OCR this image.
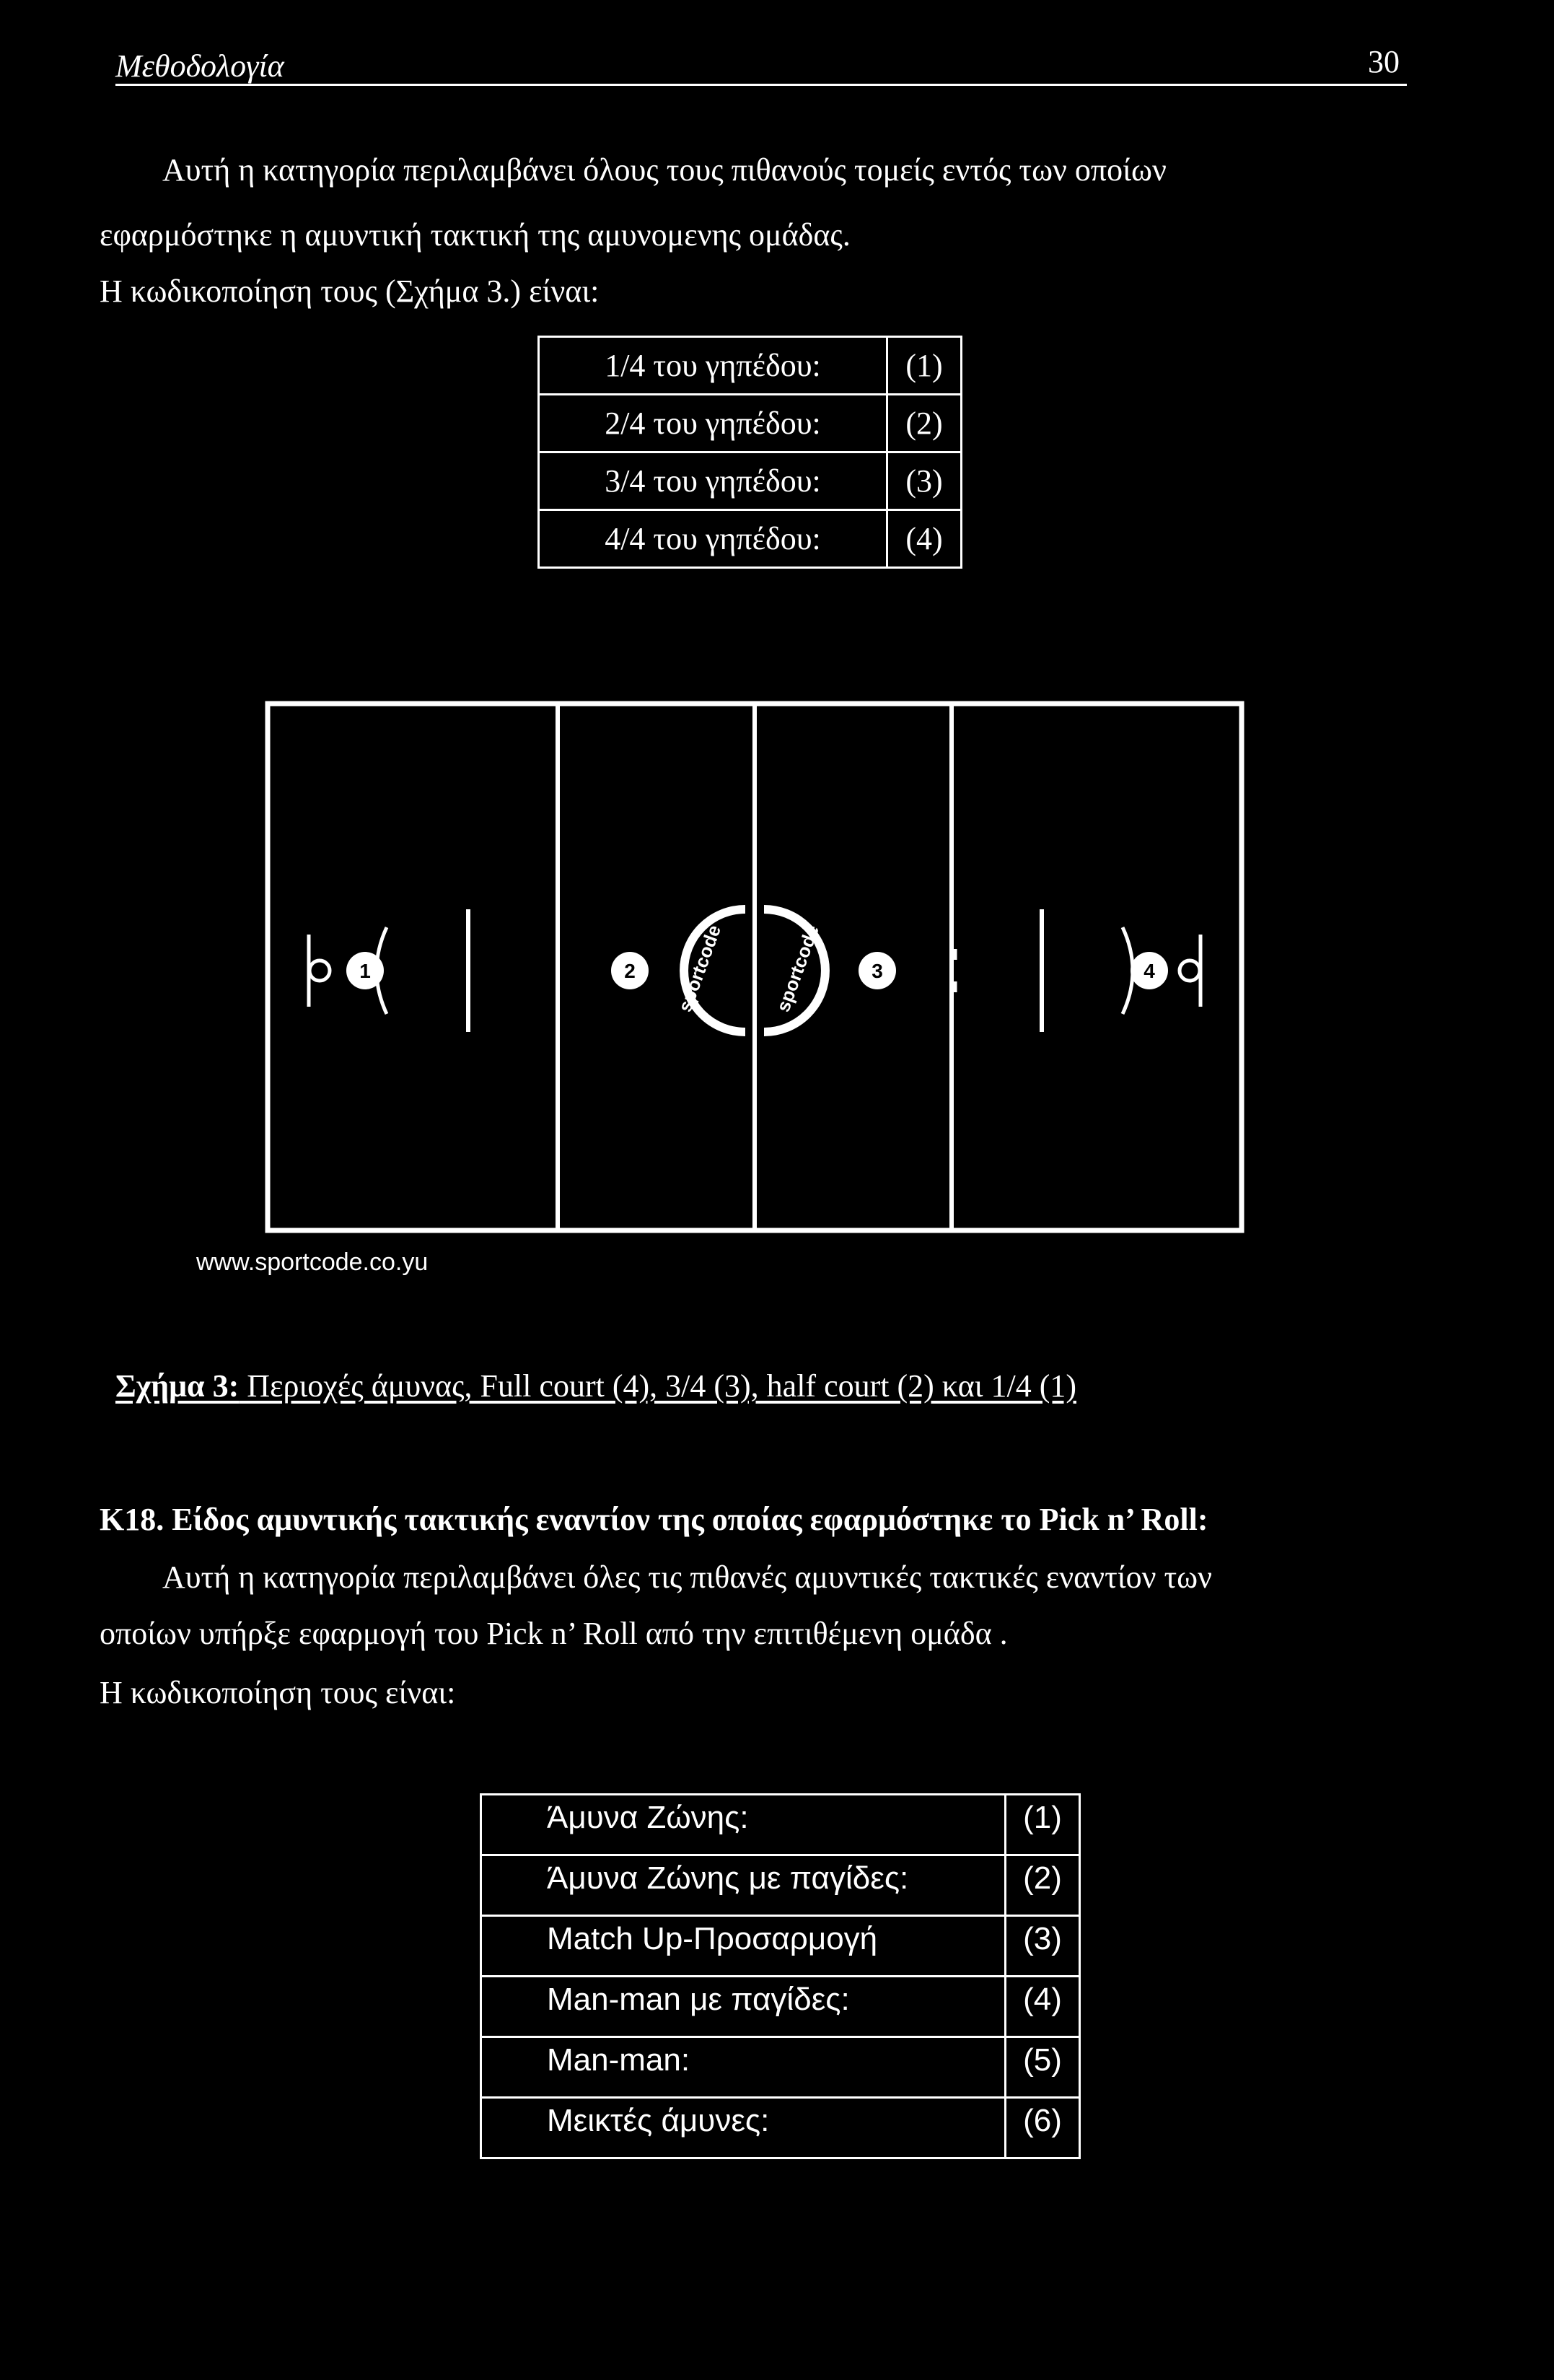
Μεθοδολογία	30
Αυτή η κατηγορία περιλαμβάνει όλους τους πιθανούς τομείς εντός των οποίων
εφαρμόστηκε η αμυντική τακτική της αμυνομενης ομάδας.
Η κωδικοποίηση τους (Σχήμα 3.) είναι:
1/4 του γηπέδου:	(1)
2/4 του γηπέδου:	(2)
3/4 του γηπέδου:	(3)
4/4 του γηπέδου:	(4)
sportcode sportcode
1	2	3	4
www.sportcode.co.yu
Σχήμα 3: Περιοχές άμυνας, Full court (4), 3/4 (3), half court (2) και 1/4 (1)
Κ18. Είδος αμυντικής τακτικής εναντίον της οποίας εφαρμόστηκε το Pick n’ Roll:
Αυτή η κατηγορία περιλαμβάνει όλες τις πιθανές αμυντικές τακτικές εναντίον των
οποίων υπήρξε εφαρμογή του Pick n’ Roll από την επιτιθέμενη ομάδα .
Η κωδικοποίηση τους είναι:
Άμυνα Ζώνης:	(1)
Άμυνα Ζώνης με παγίδες:	(2)
Match Up-Προσαρμογή	(3)
Man-man με παγίδες:	(4)
Man-man:	(5)
Μεικτές άμυνες:	(6)
